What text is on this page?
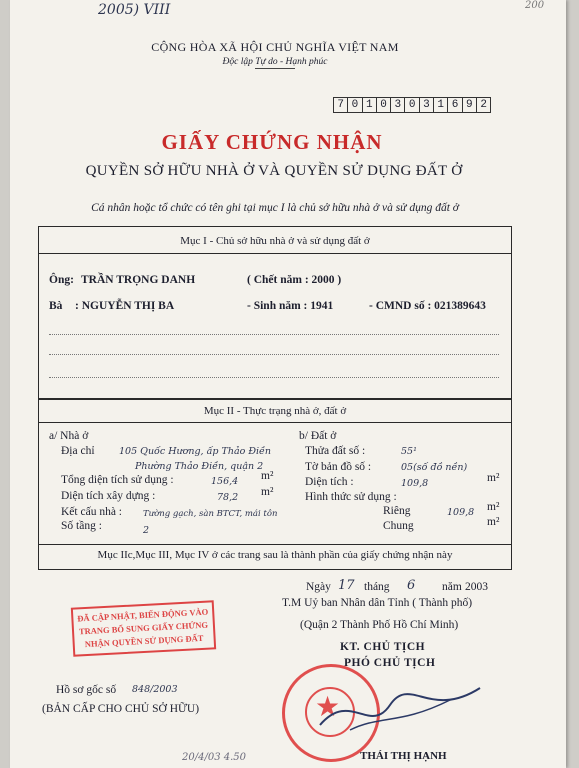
2005) VIII	200
CỘNG HÒA XÃ HỘI CHỦ NGHĨA VIỆT NAM
Độc lập Tự do - Hạnh phúc
7 0 1 0 3 0 3 1 6 9 2
GIẤY CHỨNG NHẬN
QUYỀN SỞ HỮU NHÀ Ở VÀ QUYỀN SỬ DỤNG ĐẤT Ở
Cá nhân hoặc tổ chức có tên ghi tại mục I là chủ sở hữu nhà ở và sử dụng đất ở
Mục I - Chủ sở hữu nhà ở và sử dụng đất ở
Ông: TRẦN TRỌNG DANH	( Chết năm : 2000 )
Bà : NGUYỄN THỊ BA	- Sinh năm : 1941	- CMND số : 021389643
Mục II - Thực trạng nhà ở, đất ở
a/ Nhà ở
Địa chỉ	105 Quốc Hương, ấp Thảo Điền
Phường Thảo Điền, quận 2
Tổng diện tích sử dụng :	156,4 m²
Diện tích xây dựng :	78,2 m²
Kết cấu nhà : Tường gạch, sàn BTCT, mái tôn
Số tầng :	2
b/ Đất ở
Thửa đất số :	55¹
Tờ bản đồ số :	05(số đồ nền)
Diện tích :	109,8	m²
Hình thức sử dụng :
Riêng	109,8 m²
Chung	m²
Mục IIc,Mục III, Mục IV ở các trang sau là thành phần của giấy chứng nhận này
Ngày 17 tháng 6 năm 2003
T.M Uỷ ban Nhân dân Tỉnh ( Thành phố)
(Quận 2 Thành Phố Hồ Chí Minh)
KT. CHỦ TỊCH
PHÓ CHỦ TỊCH
ĐÃ CẬP NHẬT, BIẾN ĐỘNG VÀO
TRANG BỔ SUNG GIẤY CHỨNG
NHẬN QUYỀN SỬ DỤNG ĐẤT
★
THÁI THỊ HẠNH
Hồ sơ gốc số 848/2003
(BẢN CẤP CHO CHỦ SỞ HỮU)
20/4/03 4.50
